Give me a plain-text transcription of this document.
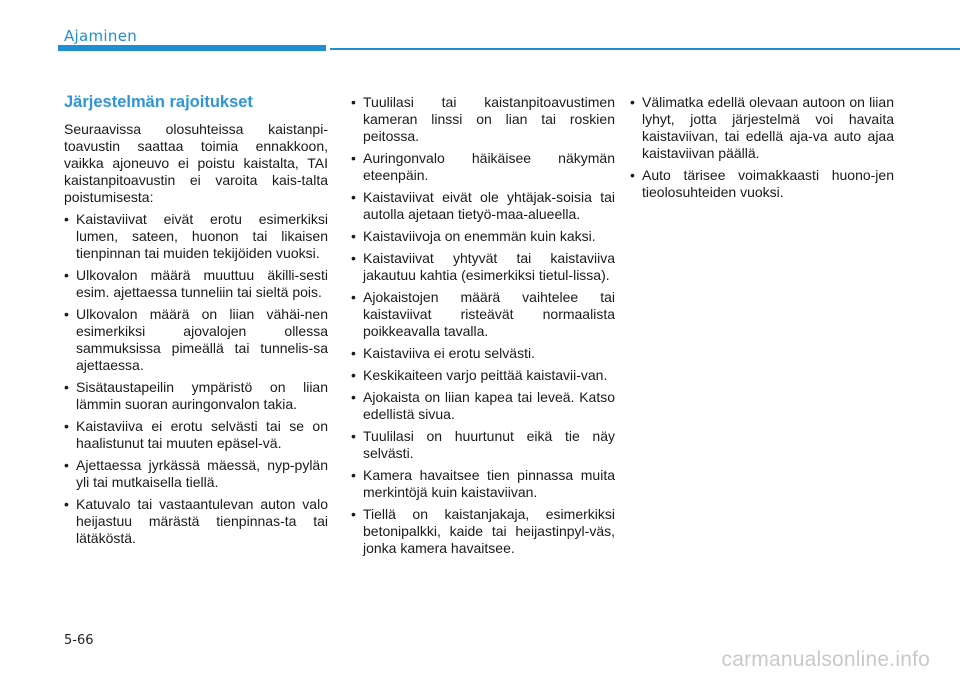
Ajaminen
Järjestelmän rajoitukset

Seuraavissa olosuhteissa kaistanpi-toavustin saattaa toimia ennakkoon, vaikka ajoneuvo ei poistu kaistalta, TAI kaistanpitoavustin ei varoita kais-talta poistumisesta:

• Kaistaviivat eivät erotu esimerkiksi lumen, sateen, huonon tai likaisen tienpinnan tai muiden tekijöiden vuoksi.
• Ulkovalon määrä muuttuu äkilli-sesti esim. ajettaessa tunneliin tai sieltä pois.
• Ulkovalon määrä on liian vähäi-nen esimerkiksi ajovalojen ollessa sammuksissa pimeällä tai tunnelis-sa ajettaessa.
• Sisätaustapeilin ympäristö on liian lämmin suoran auringonvalon takia.
• Kaistaviiva ei erotu selvästi tai se on haalistunut tai muuten epäsel-vä.
• Ajettaessa jyrkässä mäessä, nyp-pylän yli tai mutkaisella tiellä.
• Katuvalo tai vastaantulevan auton valo heijastuu märästä tienpinnas-ta tai lätäköstä.
• Tuulilasi tai kaistanpitoavustimen kameran linssi on lian tai roskien peitossa.
• Auringonvalo häikäisee näkymän eteenpäin.
• Kaistaviivat eivät ole yhtäjak-soisia tai autolla ajetaan tietyö-maa-alueella.
• Kaistaviivoja on enemmän kuin kaksi.
• Kaistaviivat yhtyvät tai kaistaviiva jakautuu kahtia (esimerkiksi tietul-lissa).
• Ajokaistojen määrä vaihtelee tai kaistaviivat risteävät normaalista poikkeavalla tavalla.
• Kaistaviiva ei erotu selvästi.
• Keskikaiteen varjo peittää kaistavii-van.
• Ajokaista on liian kapea tai leveä. Katso edellistä sivua.
• Tuulilasi on huurtunut eikä tie näy selvästi.
• Kamera havaitsee tien pinnassa muita merkintöjä kuin kaistaviivan.
• Tiellä on kaistanjakaja, esimerkiksi betonipalkki, kaide tai heijastinpyl-väs, jonka kamera havaitsee.
• Välimatka edellä olevaan autoon on liian lyhyt, jotta järjestelmä voi havaita kaistaviivan, tai edellä aja-va auto ajaa kaistaviivan päällä.
• Auto tärisee voimakkaasti huono-jen tieolosuhteiden vuoksi.
5-66
carmanualsonline.info
